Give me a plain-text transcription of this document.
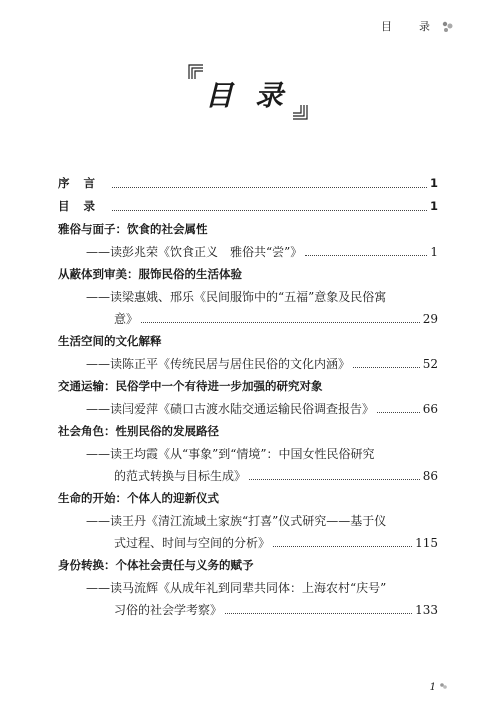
目　录
目录
序言	1
目录	1
雅俗与面子：饮食的社会属性
——读彭兆荣《饮食正义　雅俗共“尝”》	1
从蔽体到审美：服饰民俗的生活体验
——读梁惠娥、邢乐《民间服饰中的“五福”意象及民俗寓
意》	29
生活空间的文化解释
——读陈正平《传统民居与居住民俗的文化内涵》	52
交通运输：民俗学中一个有待进一步加强的研究对象
——读闫爱萍《碛口古渡水陆交通运输民俗调查报告》	66
社会角色：性别民俗的发展路径
——读王均霞《从“事象”到“情境”：中国女性民俗研究
的范式转换与目标生成》	86
生命的开始：个体人的迎新仪式
——读王丹《清江流域土家族“打喜”仪式研究——基于仪
式过程、时间与空间的分析》	115
身份转换：个体社会责任与义务的赋予
——读马流辉《从成年礼到同辈共同体：上海农村“庆号”
习俗的社会学考察》	133
1
